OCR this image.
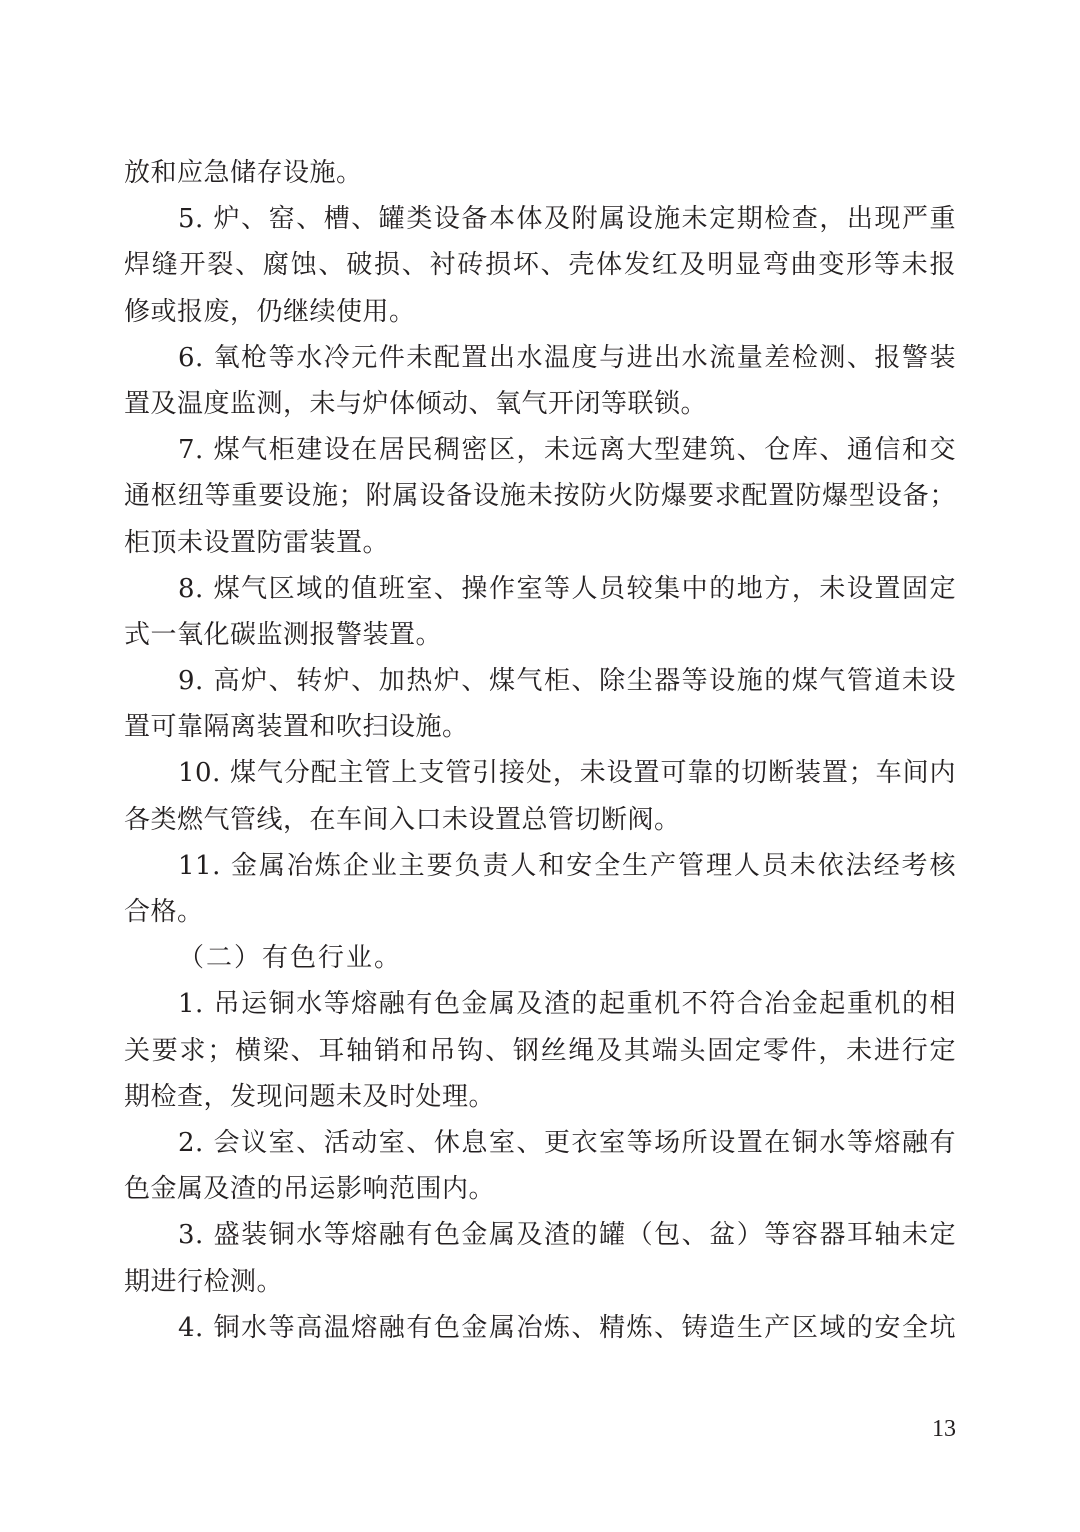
放和应急储存设施。
5. 炉、窑、槽、罐类设备本体及附属设施未定期检查，出现严重
焊缝开裂、腐蚀、破损、衬砖损坏、壳体发红及明显弯曲变形等未报
修或报废，仍继续使用。
6. 氧枪等水冷元件未配置出水温度与进出水流量差检测、报警装
置及温度监测，未与炉体倾动、氧气开闭等联锁。
7. 煤气柜建设在居民稠密区，未远离大型建筑、仓库、通信和交
通枢纽等重要设施；附属设备设施未按防火防爆要求配置防爆型设备；
柜顶未设置防雷装置。
8. 煤气区域的值班室、操作室等人员较集中的地方，未设置固定
式一氧化碳监测报警装置。
9. 高炉、转炉、加热炉、煤气柜、除尘器等设施的煤气管道未设
置可靠隔离装置和吹扫设施。
10. 煤气分配主管上支管引接处，未设置可靠的切断装置；车间内
各类燃气管线，在车间入口未设置总管切断阀。
11. 金属冶炼企业主要负责人和安全生产管理人员未依法经考核
合格。
（二）有色行业。
1. 吊运铜水等熔融有色金属及渣的起重机不符合冶金起重机的相
关要求；横梁、耳轴销和吊钩、钢丝绳及其端头固定零件，未进行定
期检查，发现问题未及时处理。
2. 会议室、活动室、休息室、更衣室等场所设置在铜水等熔融有
色金属及渣的吊运影响范围内。
3. 盛装铜水等熔融有色金属及渣的罐（包、盆）等容器耳轴未定
期进行检测。
4. 铜水等高温熔融有色金属冶炼、精炼、铸造生产区域的安全坑
13
